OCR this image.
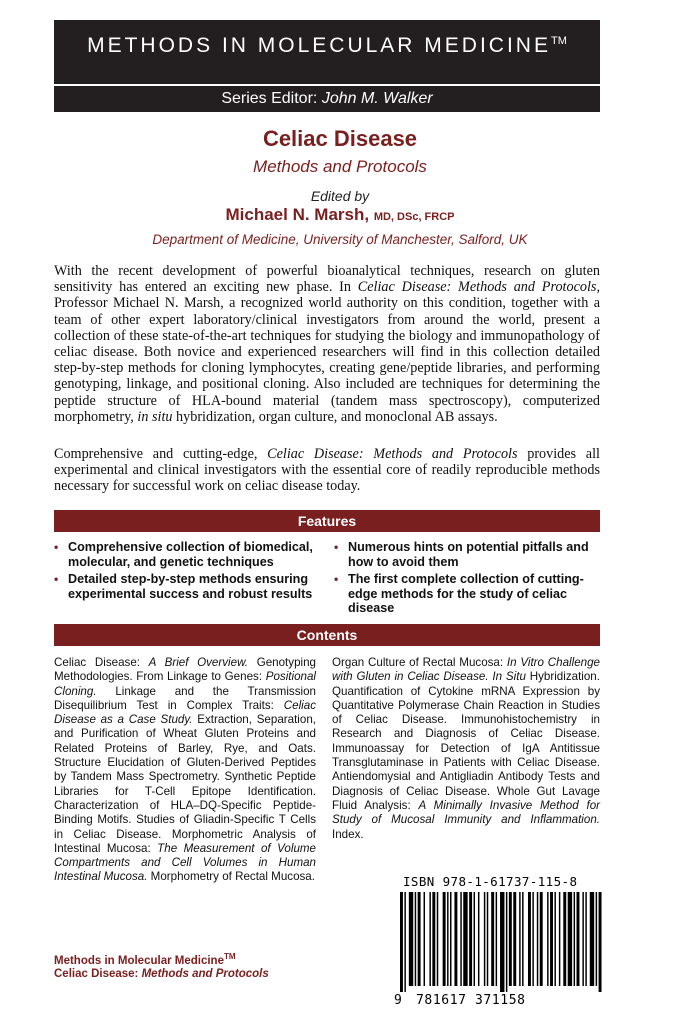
METHODS IN MOLECULAR MEDICINE™
Series Editor: John M. Walker
Celiac Disease
Methods and Protocols
Edited by
Michael N. Marsh, MD, DSc, FRCP
Department of Medicine, University of Manchester, Salford, UK
With the recent development of powerful bioanalytical techniques, research on gluten sensitivity has entered an exciting new phase. In Celiac Disease: Methods and Protocols, Professor Michael N. Marsh, a recognized world authority on this condition, together with a team of other expert laboratory/clinical investigators from around the world, present a collection of these state-of-the-art techniques for studying the biology and immunopathology of celiac disease. Both novice and experienced researchers will find in this collection detailed step-by-step methods for cloning lymphocytes, creating gene/peptide libraries, and performing genotyping, linkage, and positional cloning. Also included are techniques for determining the peptide structure of HLA-bound material (tandem mass spectroscopy), computerized morphometry, in situ hybridization, organ culture, and monoclonal AB assays.
Comprehensive and cutting-edge, Celiac Disease: Methods and Protocols provides all experimental and clinical investigators with the essential core of readily reproducible methods necessary for successful work on celiac disease today.
Features
• Comprehensive collection of biomedical, molecular, and genetic techniques
• Detailed step-by-step methods ensuring experimental success and robust results
• Numerous hints on potential pitfalls and how to avoid them
• The first complete collection of cutting-edge methods for the study of celiac disease
Contents
Celiac Disease: A Brief Overview. Genotyping Methodologies. From Linkage to Genes: Positional Cloning. Linkage and the Transmission Disequilibrium Test in Complex Traits: Celiac Disease as a Case Study. Extraction, Separation, and Purification of Wheat Gluten Proteins and Related Proteins of Barley, Rye, and Oats. Structure Elucidation of Gluten-Derived Peptides by Tandem Mass Spectrometry. Synthetic Peptide Libraries for T-Cell Epitope Identification. Characterization of HLA–DQ-Specific Peptide-Binding Motifs. Studies of Gliadin-Specific T Cells in Celiac Disease. Morphometric Analysis of Intestinal Mucosa: The Measurement of Volume Compartments and Cell Volumes in Human Intestinal Mucosa. Morphometry of Rectal Mucosa.
Organ Culture of Rectal Mucosa: In Vitro Challenge with Gluten in Celiac Disease. In Situ Hybridization. Quantification of Cytokine mRNA Expression by Quantitative Polymerase Chain Reaction in Studies of Celiac Disease. Immunohistochemistry in Research and Diagnosis of Celiac Disease. Immunoassay for Detection of IgA Antitissue Transglutaminase in Patients with Celiac Disease. Antiendomysial and Antigliadin Antibody Tests and Diagnosis of Celiac Disease. Whole Gut Lavage Fluid Analysis: A Minimally Invasive Method for Study of Mucosal Immunity and Inflammation. Index.
ISBN 978-1-61737-115-8
9 781617 371158
Methods in Molecular Medicine™
Celiac Disease: Methods and Protocols
